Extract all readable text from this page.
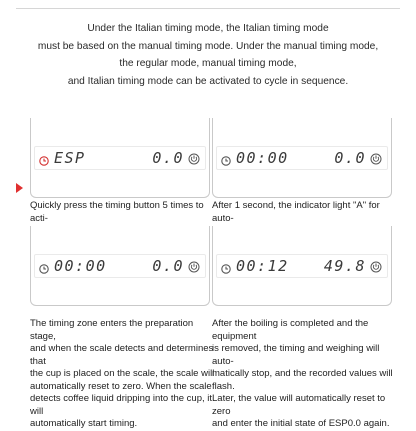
Under the Italian timing mode, the Italian timing mode
must be based on the manual timing mode. Under the manual timing mode,
the regular mode, manual timing mode,
and Italian timing mode can be activated to cycle in sequence.
ESP	0.0
Quickly press the timing button 5 times to acti-
00:00	0.0
After 1 second, the indicator light "A" for auto-
00:00	0.0
The timing zone enters the preparation stage,
and when the scale detects and determines that
the cup is placed on the scale, the scale will
automatically reset to zero. When the scale
detects coffee liquid dripping into the cup, it will
automatically start timing.
00:12 49.8
After the boiling is completed and the equipment
is removed, the timing and weighing will auto-
matically stop, and the recorded values will flash.
Later, the value will automatically reset to zero
and enter the initial state of ESP0.0 again.
